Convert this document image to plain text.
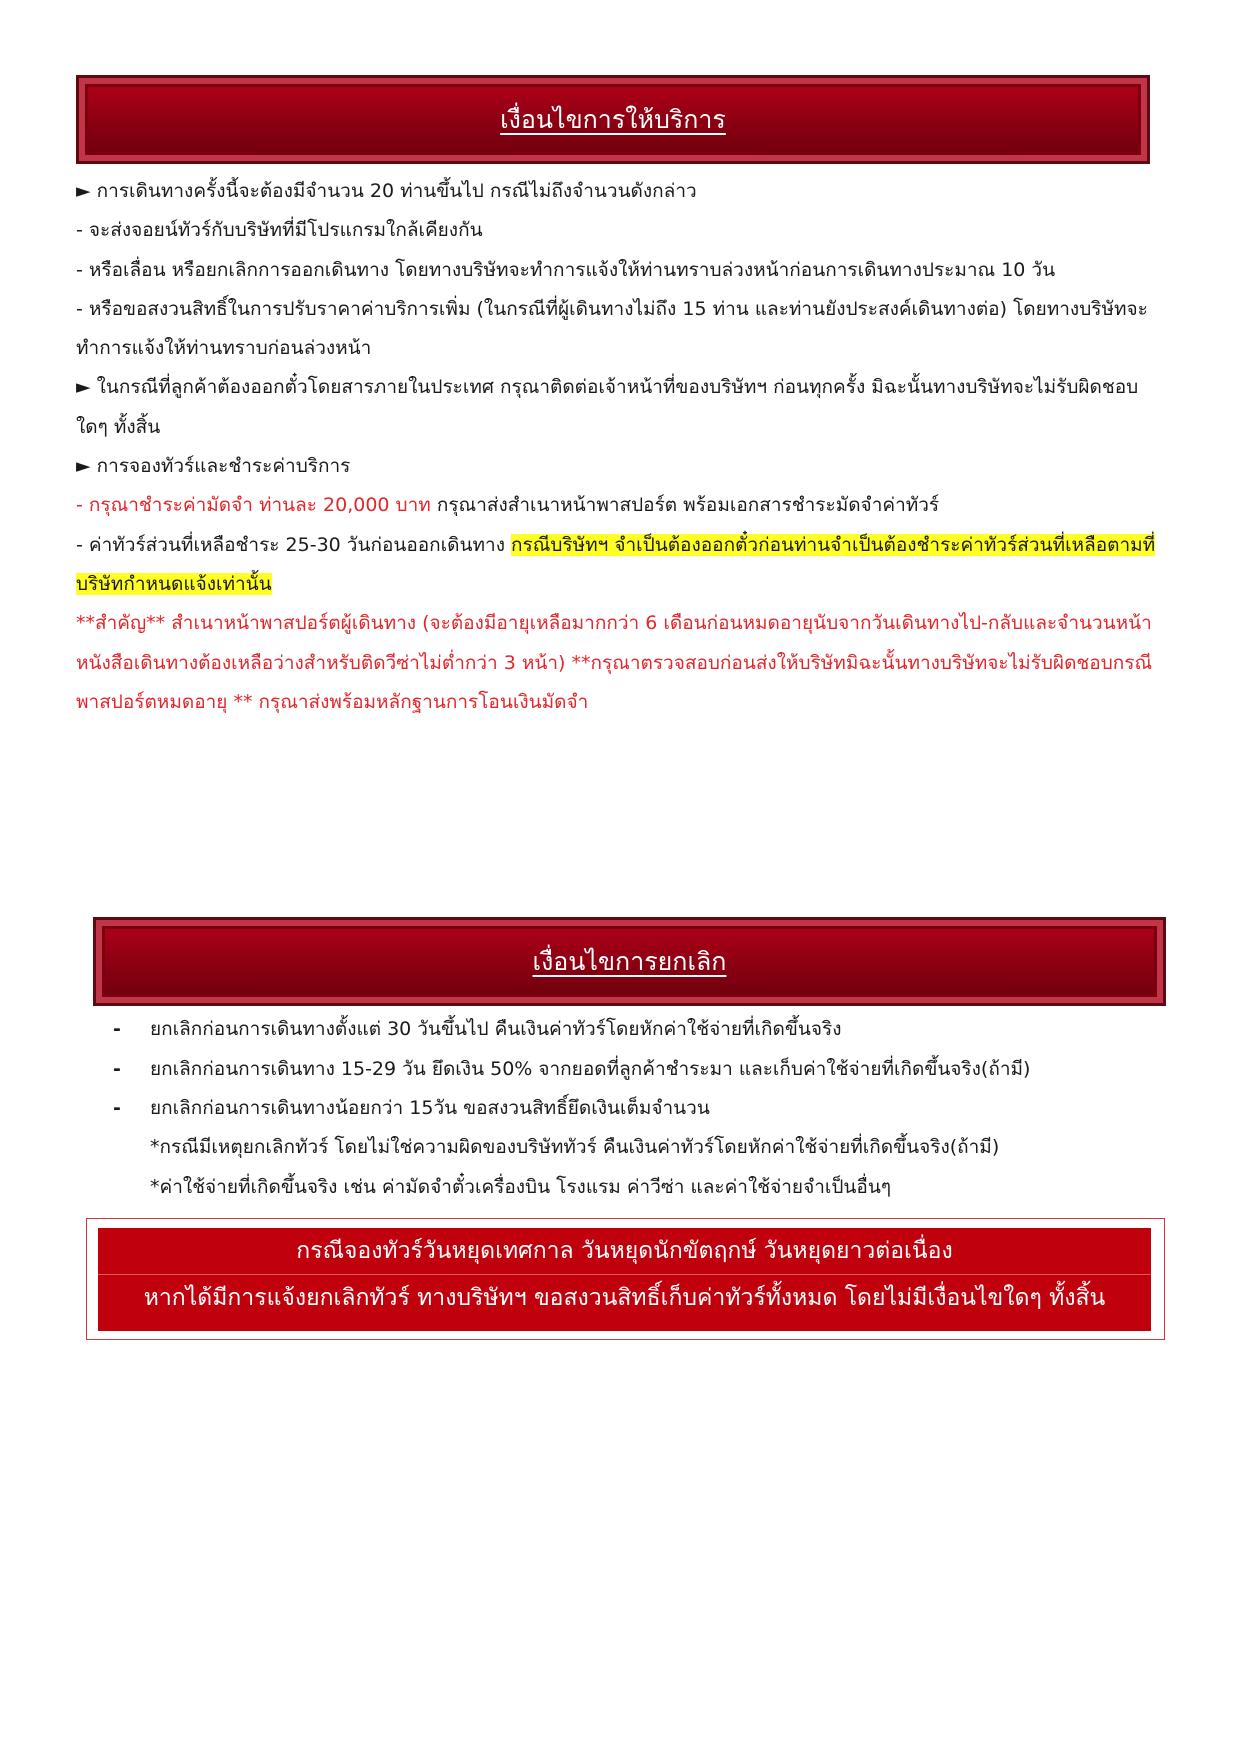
เงื่อนไขการให้บริการ

► การเดินทางครั้งนี้จะต้องมีจำนวน 20 ท่านขึ้นไป กรณีไม่ถึงจำนวนดังกล่าว

- จะส่งจอยน์ทัวร์กับบริษัทที่มีโปรแกรมใกล้เคียงกัน

- หรือเลื่อน หรือยกเลิกการออกเดินทาง โดยทางบริษัทจะทำการแจ้งให้ท่านทราบล่วงหน้าก่อนการเดินทางประมาณ 10 วัน

- หรือขอสงวนสิทธิ์ในการปรับราคาค่าบริการเพิ่ม (ในกรณีที่ผู้เดินทางไม่ถึง 15 ท่าน และท่านยังประสงค์เดินทางต่อ) โดยทางบริษัทจะทำการแจ้งให้ท่านทราบก่อนล่วงหน้า

► ในกรณีที่ลูกค้าต้องออกตั๋วโดยสารภายในประเทศ กรุณาติดต่อเจ้าหน้าที่ของบริษัทฯ ก่อนทุกครั้ง มิฉะนั้นทางบริษัทจะไม่รับผิดชอบใดๆ ทั้งสิ้น

► การจองทัวร์และชำระค่าบริการ

- กรุณาชำระค่ามัดจำ ท่านละ 20,000 บาท กรุณาส่งสำเนาหน้าพาสปอร์ต พร้อมเอกสารชำระมัดจำค่าทัวร์

- ค่าทัวร์ส่วนที่เหลือชำระ 25-30 วันก่อนออกเดินทาง กรณีบริษัทฯ จำเป็นต้องออกตั๋วก่อนท่านจำเป็นต้องชำระค่าทัวร์ส่วนที่เหลือตามที่บริษัทกำหนดแจ้งเท่านั้น

**สำคัญ** สำเนาหน้าพาสปอร์ตผู้เดินทาง (จะต้องมีอายุเหลือมากกว่า 6 เดือนก่อนหมดอายุนับจากวันเดินทางไป-กลับและจำนวนหน้าหนังสือเดินทางต้องเหลือว่างสำหรับติดวีซ่าไม่ต่ำกว่า 3 หน้า) **กรุณาตรวจสอบก่อนส่งให้บริษัทมิฉะนั้นทางบริษัทจะไม่รับผิดชอบกรณีพาสปอร์ตหมดอายุ ** กรุณาส่งพร้อมหลักฐานการโอนเงินมัดจำ

เงื่อนไขการยกเลิก
- ยกเลิกก่อนการเดินทางตั้งแต่ 30 วันขึ้นไป คืนเงินค่าทัวร์โดยหักค่าใช้จ่ายที่เกิดขึ้นจริง
- ยกเลิกก่อนการเดินทาง 15-29 วัน ยึดเงิน 50% จากยอดที่ลูกค้าชำระมา และเก็บค่าใช้จ่ายที่เกิดขึ้นจริง(ถ้ามี)
- ยกเลิกก่อนการเดินทางน้อยกว่า 15วัน ขอสงวนสิทธิ์ยึดเงินเต็มจำนวน
*กรณีมีเหตุยกเลิกทัวร์ โดยไม่ใช่ความผิดของบริษัททัวร์ คืนเงินค่าทัวร์โดยหักค่าใช้จ่ายที่เกิดขึ้นจริง(ถ้ามี)
*ค่าใช้จ่ายที่เกิดขึ้นจริง เช่น ค่ามัดจำตั๋วเครื่องบิน โรงแรม ค่าวีซ่า และค่าใช้จ่ายจำเป็นอื่นๆ
กรณีจองทัวร์วันหยุดเทศกาล วันหยุดนักขัตฤกษ์ วันหยุดยาวต่อเนื่อง
หากได้มีการแจ้งยกเลิกทัวร์ ทางบริษัทฯ ขอสงวนสิทธิ์เก็บค่าทัวร์ทั้งหมด โดยไม่มีเงื่อนไขใดๆ ทั้งสิ้น
